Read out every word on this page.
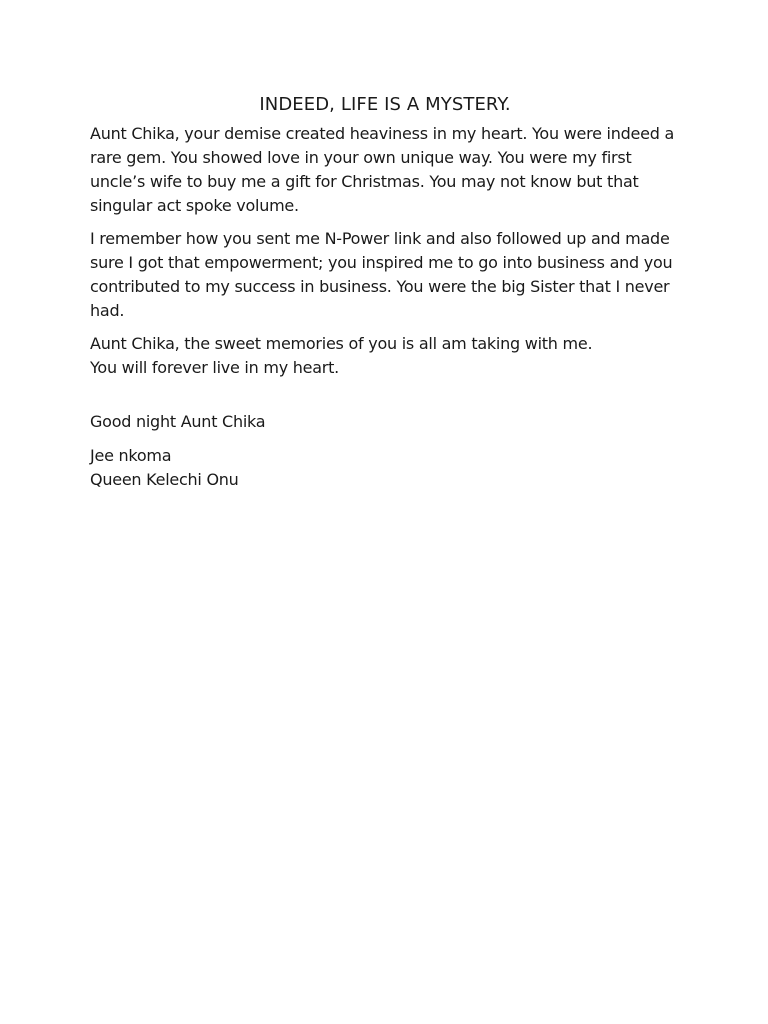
INDEED, LIFE IS A MYSTERY.

Aunt Chika, your demise created heaviness in my heart. You were indeed a rare gem. You showed love in your own unique way. You were my first uncle’s wife to buy me a gift for Christmas. You may not know but that singular act spoke volume.

I remember how you sent me N-Power link and also followed up and made sure I got that empowerment; you inspired me to go into business and you contributed to my success in business. You were the big Sister that I never had.

Aunt Chika, the sweet memories of you is all am taking with me.
You will forever live in my heart.
Good night Aunt Chika
Jee nkoma
Queen Kelechi Onu
